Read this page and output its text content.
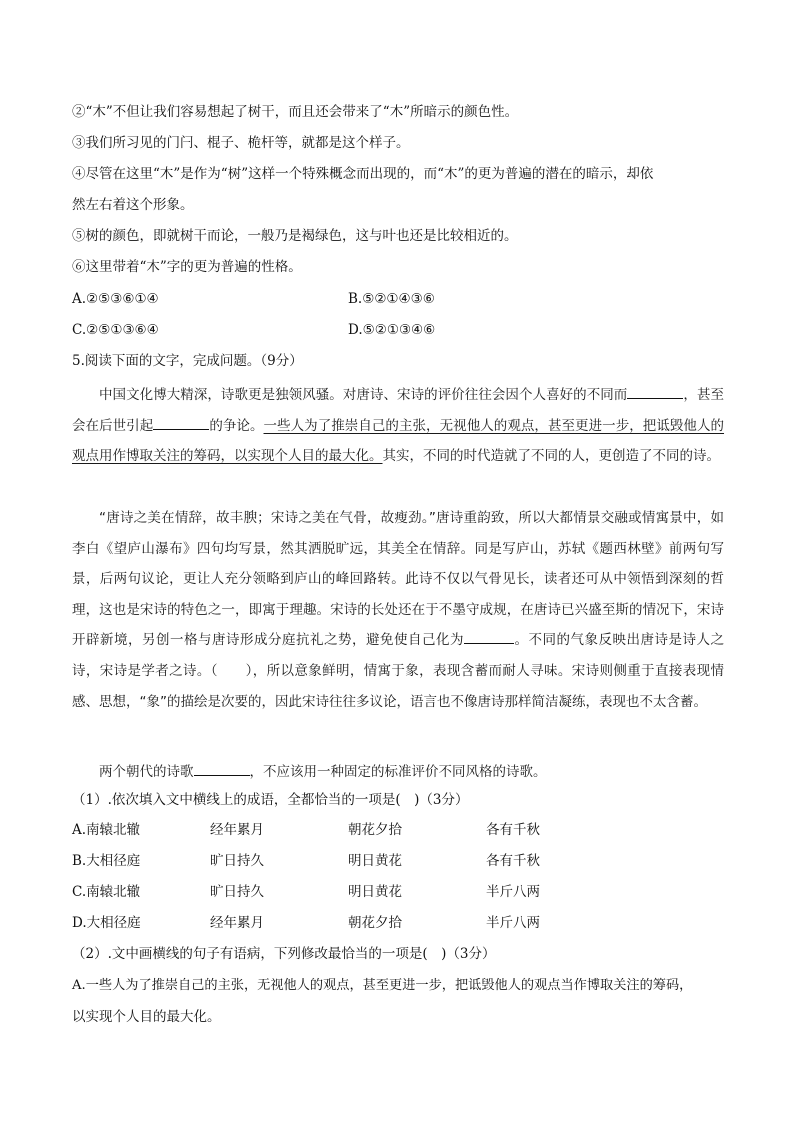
②“木”不但让我们容易想起了树干，而且还会带来了“木”所暗示的颜色性。
③我们所习见的门闩、棍子、桅杆等，就都是这个样子。
④尽管在这里“木”是作为“树”这样一个特殊概念而出现的，而“木”的更为普遍的潜在的暗示，却依
然左右着这个形象。
⑤树的颜色，即就树干而论，一般乃是褐绿色，这与叶也还是比较相近的。
⑥这里带着“木”字的更为普遍的性格。
A.②⑤③⑥①④	B.⑤②①④③⑥
C.②⑤①③⑥④	D.⑤②①③④⑥
5.阅读下面的文字，完成问题。（9分）
中国文化博大精深，诗歌更是独领风骚。对唐诗、宋诗的评价往往会因个人喜好的不同而	，甚至会在后世引起	的争论。一些人为了推崇自己的主张，无视他人的观点，甚至更进一步，把诋毁他人的观点用作博取关注的筹码，以实现个人目的最大化。其实，不同的时代造就了不同的人，更创造了不同的诗。
“唐诗之美在情辞，故丰腴；宋诗之美在气骨，故瘦劲。”唐诗重韵致，所以大都情景交融或情寓景中，如李白《望庐山瀑布》四句均写景，然其洒脱旷远，其美全在情辞。同是写庐山，苏轼《题西林壁》前两句写景，后两句议论，更让人充分领略到庐山的峰回路转。此诗不仅以气骨见长，读者还可从中领悟到深刻的哲理，这也是宋诗的特色之一，即寓于理趣。宋诗的长处还在于不墨守成规，在唐诗已兴盛至斯的情况下，宋诗开辟新境，另创一格与唐诗形成分庭抗礼之势，避免使自己化为	。不同的气象反映出唐诗是诗人之诗，宋诗是学者之诗。（　　），所以意象鲜明，情寓于象，表现含蓄而耐人寻味。宋诗则侧重于直接表现情感、思想，“象”的描绘是次要的，因此宋诗往往多议论，语言也不像唐诗那样简洁凝练，表现也不太含蓄。
两个朝代的诗歌	，不应该用一种固定的标准评价不同风格的诗歌。
（1）.依次填入文中横线上的成语，全都恰当的一项是(　)（3分）
A.南辕北辙	经年累月	朝花夕拾	各有千秋
B.大相径庭	旷日持久	明日黄花	各有千秋
C.南辕北辙	旷日持久	明日黄花	半斤八两
D.大相径庭	经年累月	朝花夕拾	半斤八两
（2）.文中画横线的句子有语病，下列修改最恰当的一项是(　)（3分）
A.一些人为了推崇自己的主张，无视他人的观点，甚至更进一步，把诋毁他人的观点当作博取关注的筹码，
以实现个人目的最大化。
